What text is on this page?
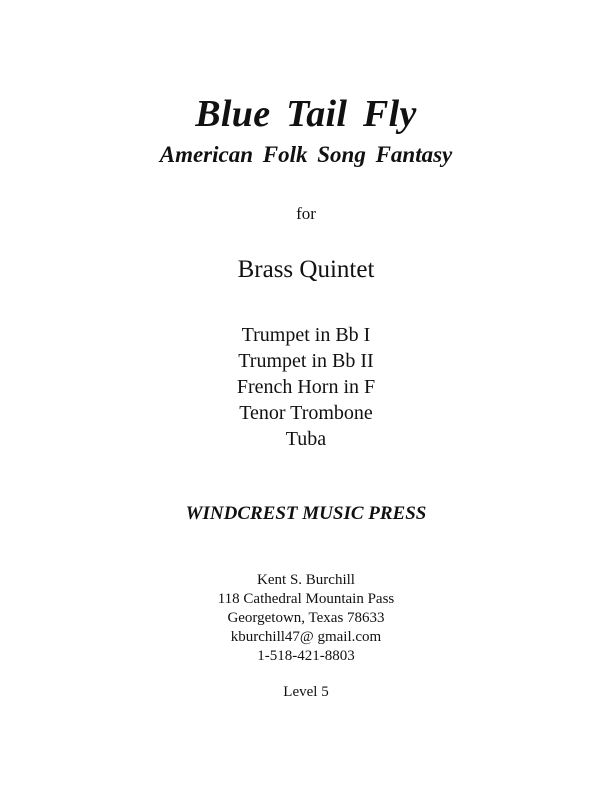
Blue Tail Fly
American Folk Song Fantasy

for

Brass Quintet

Trumpet in Bb I
Trumpet in Bb II
French Horn in F
Tenor Trombone
Tuba

WINDCREST MUSIC PRESS

Kent S. Burchill
118 Cathedral Mountain Pass
Georgetown, Texas 78633
kburchill47@ gmail.com
1-518-421-8803

Level 5
